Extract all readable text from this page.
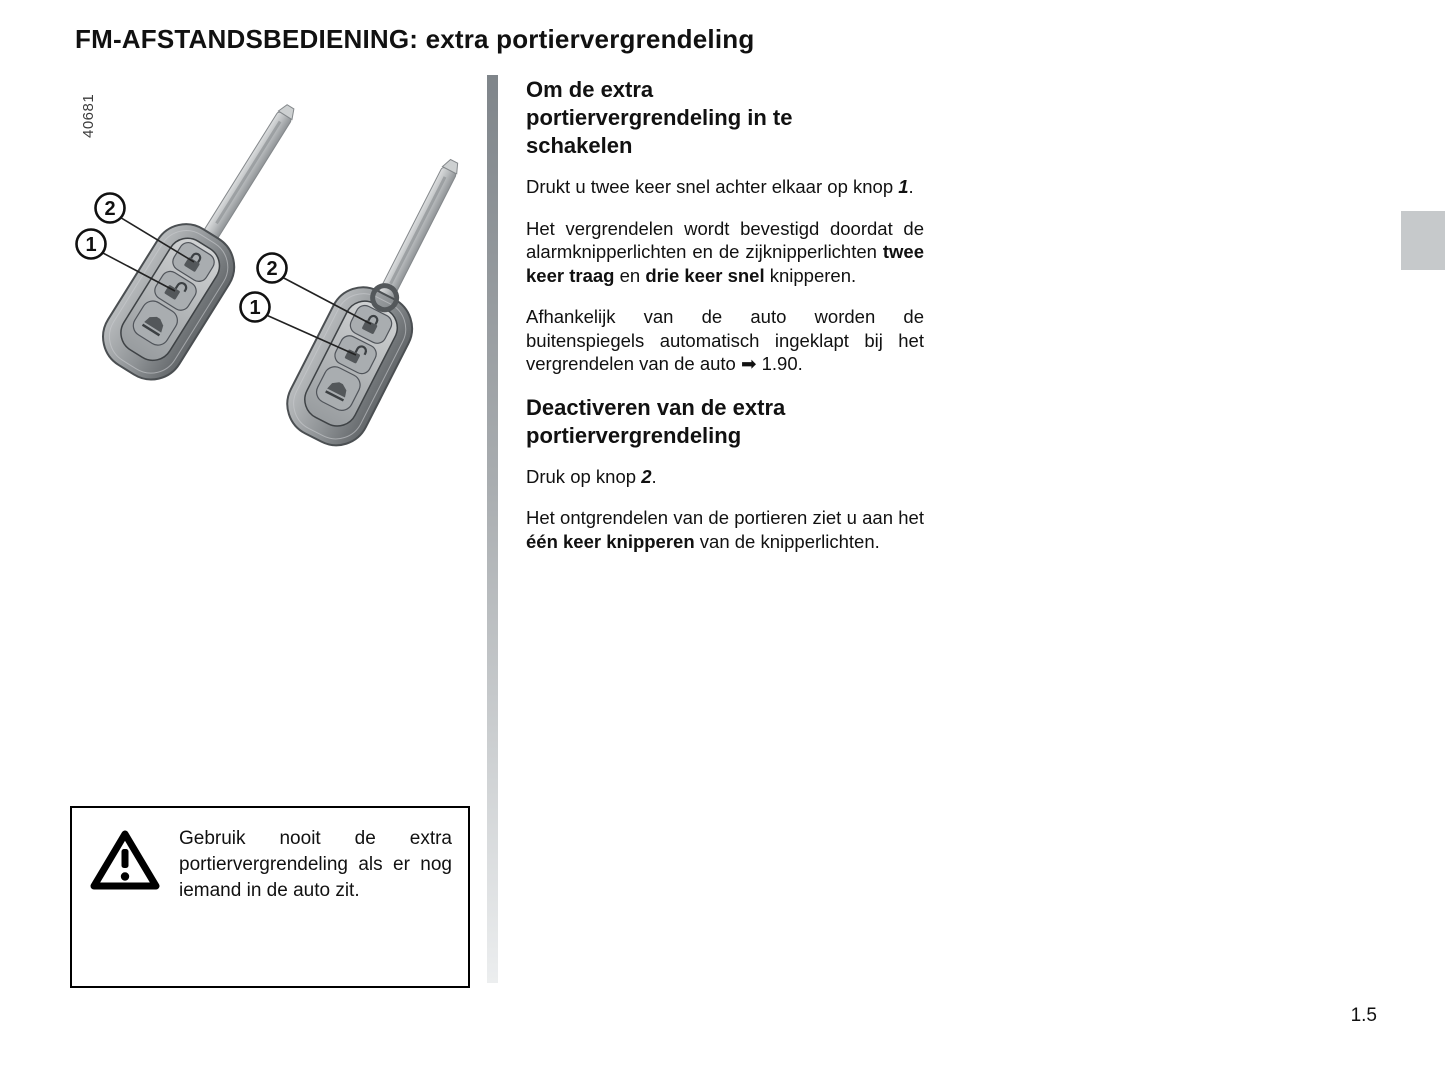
FM-AFSTANDSBEDIENING: extra portiervergrendeling
40681
2
1
2
1
Om de extra
portiervergrendeling in te
schakelen

Drukt u twee keer snel achter elkaar op knop 1.

Het vergrendelen wordt bevestigd doordat de alarmknipperlichten en de zijknipperlichten twee keer traag en drie keer snel knipperen.

Afhankelijk van de auto worden de buitenspiegels automatisch ingeklapt bij het vergrendelen van de auto ➡ 1.90.

Deactiveren van de extra
portiervergrendeling

Druk op knop 2.

Het ontgrendelen van de portieren ziet u aan het één keer knipperen van de knipperlichten.

Gebruik nooit de extra portiervergrendeling als er nog iemand in de auto zit.
1.5
